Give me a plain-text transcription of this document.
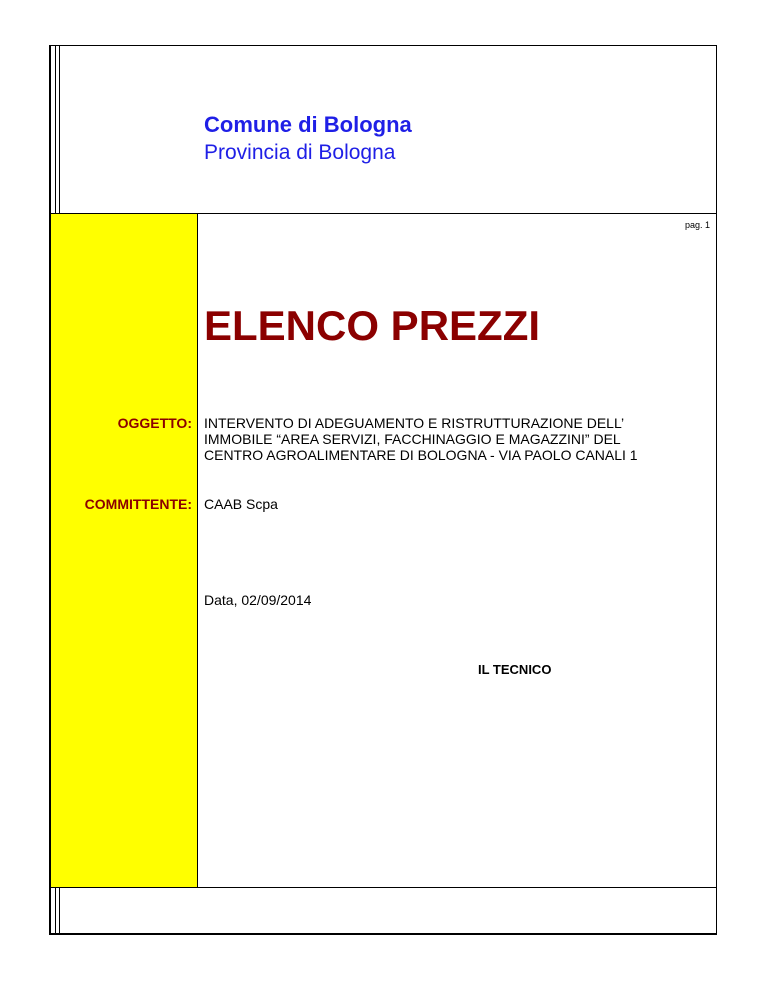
Comune di Bologna
Provincia di Bologna
pag. 1
ELENCO PREZZI
OGGETTO: INTERVENTO DI ADEGUAMENTO E RISTRUTTURAZIONE DELL’
IMMOBILE “AREA SERVIZI, FACCHINAGGIO E MAGAZZINI” DEL
CENTRO AGROALIMENTARE DI BOLOGNA - VIA PAOLO CANALI 1
COMMITTENTE: CAAB Scpa
Data, 02/09/2014
IL TECNICO
